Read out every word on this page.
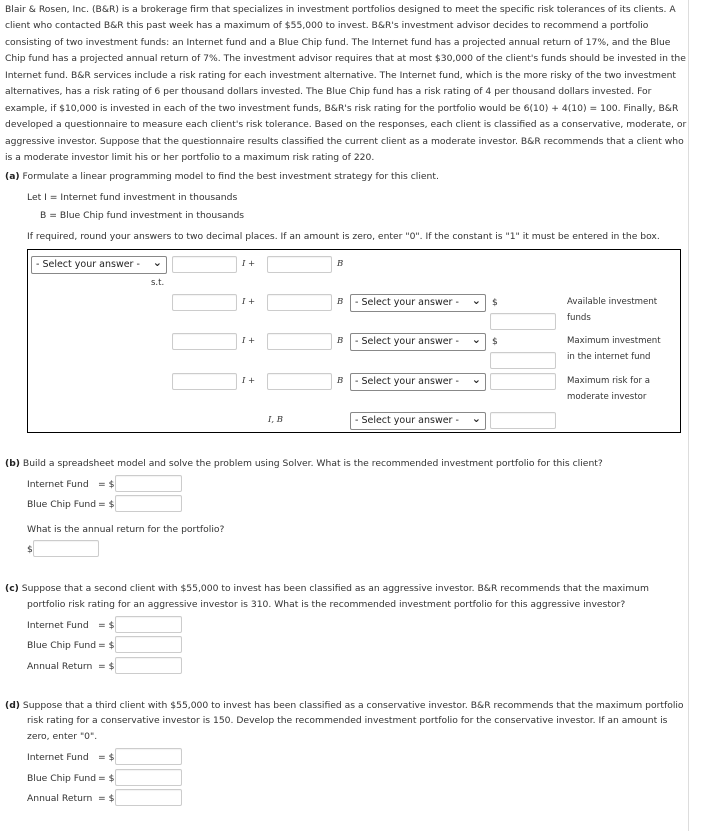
Blair & Rosen, Inc. (B&R) is a brokerage firm that specializes in investment portfolios designed to meet the specific risk tolerances of its clients. A
client who contacted B&R this past week has a maximum of $55,000 to invest. B&R's investment advisor decides to recommend a portfolio
consisting of two investment funds: an Internet fund and a Blue Chip fund. The Internet fund has a projected annual return of 17%, and the Blue
Chip fund has a projected annual return of 7%. The investment advisor requires that at most $30,000 of the client's funds should be invested in the
Internet fund. B&R services include a risk rating for each investment alternative. The Internet fund, which is the more risky of the two investment
alternatives, has a risk rating of 6 per thousand dollars invested. The Blue Chip fund has a risk rating of 4 per thousand dollars invested. For
example, if $10,000 is invested in each of the two investment funds, B&R's risk rating for the portfolio would be 6(10) + 4(10) = 100. Finally, B&R
developed a questionnaire to measure each client's risk tolerance. Based on the responses, each client is classified as a conservative, moderate, or
aggressive investor. Suppose that the questionnaire results classified the current client as a moderate investor. B&R recommends that a client who
is a moderate investor limit his or her portfolio to a maximum risk rating of 220.
(a) Formulate a linear programming model to find the best investment strategy for this client.
Let I = Internet fund investment in thousands
B = Blue Chip fund investment in thousands
If required, round your answers to two decimal places. If an amount is zero, enter "0". If the constant is "1" it must be entered in the box.
- Select your answer - ⌄	I +	B
s.t.
I +	B	- Select your answer - ⌄ $	Available investment
funds
I +	B	- Select your answer - ⌄ $	Maximum investment
in the internet fund
I +	B	- Select your answer - ⌄	Maximum risk for a
moderate investor
I, B	- Select your answer - ⌄
(b) Build a spreadsheet model and solve the problem using Solver. What is the recommended investment portfolio for this client?
Internet Fund = $
Blue Chip Fund = $
What is the annual return for the portfolio?
$
(c) Suppose that a second client with $55,000 to invest has been classified as an aggressive investor. B&R recommends that the maximum
portfolio risk rating for an aggressive investor is 310. What is the recommended investment portfolio for this aggressive investor?
Internet Fund = $
Blue Chip Fund = $
Annual Return = $
(d) Suppose that a third client with $55,000 to invest has been classified as a conservative investor. B&R recommends that the maximum portfolio
risk rating for a conservative investor is 150. Develop the recommended investment portfolio for the conservative investor. If an amount is
zero, enter "0".
Internet Fund = $
Blue Chip Fund = $
Annual Return = $
